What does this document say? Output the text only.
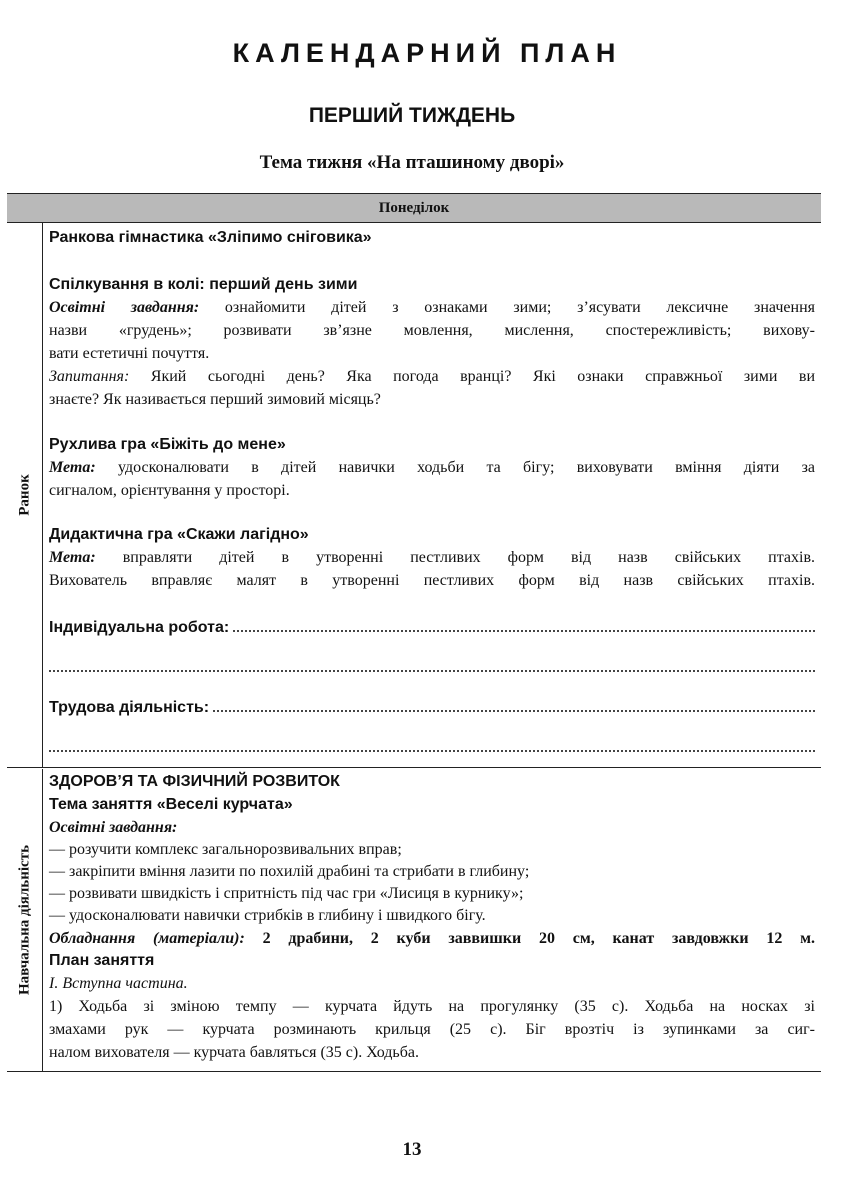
КАЛЕНДАРНИЙ ПЛАН
ПЕРШИЙ ТИЖДЕНЬ
Тема тижня «На пташиному дворі»
Понеділок
Ранок
Ранкова гімнастика «Зліпимо сніговика»
Спілкування в колі: перший день зими
Освітні завдання: ознайомити дітей з ознаками зими; з’ясувати лексичне значення
назви «грудень»; розвивати зв’язне мовлення, мислення, спостережливість; вихову-
вати естетичні почуття.
Запитання: Який сьогодні день? Яка погода вранці? Які ознаки справжньої зими ви
знаєте? Як називається перший зимовий місяць?
Рухлива гра «Біжіть до мене»
Мета: удосконалювати в дітей навички ходьби та бігу; виховувати вміння діяти за
сигналом, орієнтування у просторі.
Дидактична гра «Скажи лагідно»
Мета: вправляти дітей в утворенні пестливих форм від назв свійських птахів.
Вихователь вправляє малят в утворенні пестливих форм від назв свійських птахів.
Індивідуальна робота:
Трудова діяльність:
Навчальна діяльність
ЗДОРОВ’Я ТА ФІЗИЧНИЙ РОЗВИТОК
Тема заняття «Веселі курчата»
Освітні завдання:
— розучити комплекс загальнорозвивальних вправ;
— закріпити вміння лазити по похилій драбині та стрибати в глибину;
— розвивати швидкість і спритність під час гри «Лисиця в курнику»;
— удосконалювати навички стрибків в глибину і швидкого бігу.
Обладнання (матеріали): 2 драбини, 2 куби заввишки 20 см, канат завдовжки 12 м.
План заняття
I. Вступна частина.
1) Ходьба зі зміною темпу — курчата йдуть на прогулянку (35 с). Ходьба на носках зі
змахами рук — курчата розминають крильця (25 с). Біг врозтіч із зупинками за сиг-
налом вихователя — курчата бавляться (35 с). Ходьба.
13
